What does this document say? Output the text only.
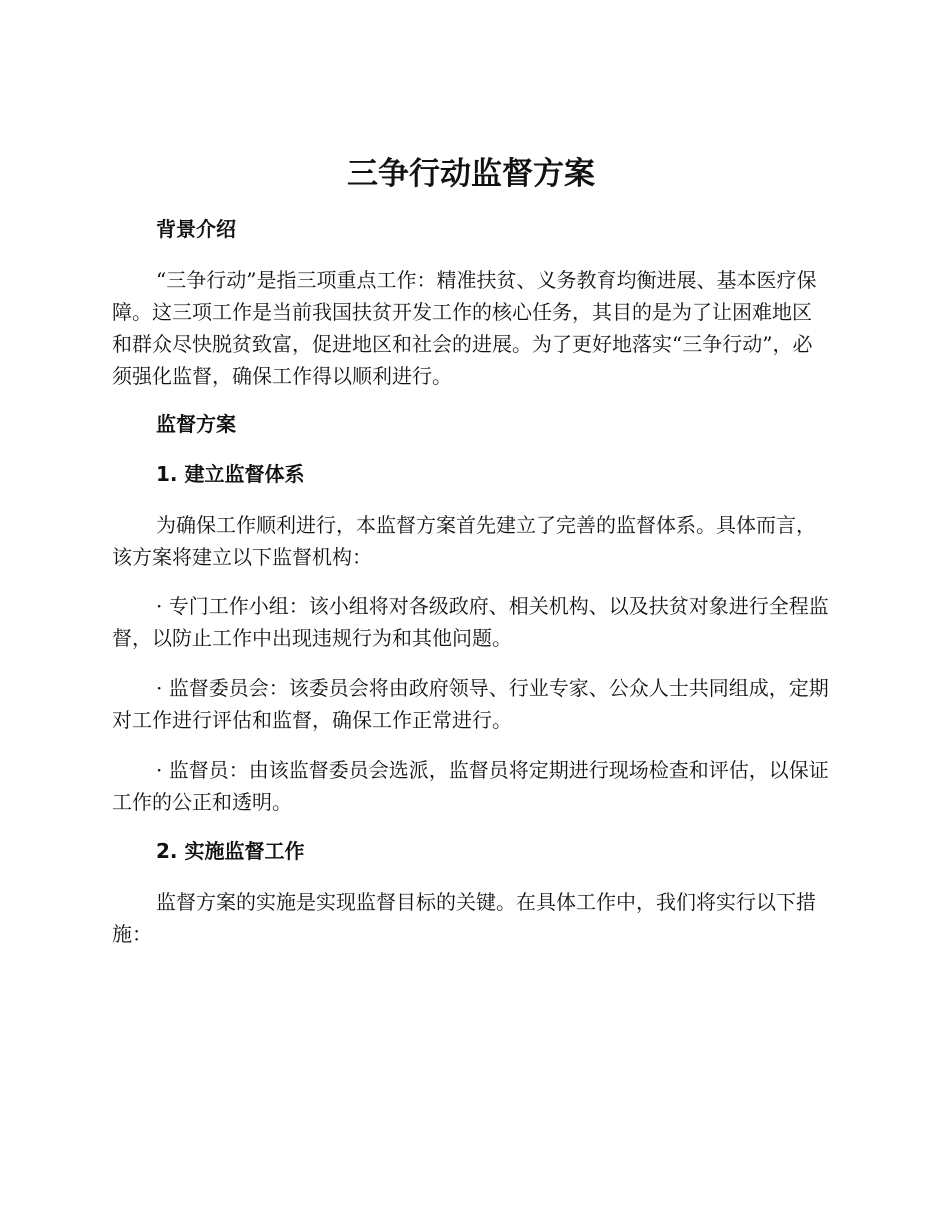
三争行动监督方案
背景介绍

“三争行动”是指三项重点工作：精准扶贫、义务教育均衡进展、基本医疗保障。这三项工作是当前我国扶贫开发工作的核心任务，其目的是为了让困难地区和群众尽快脱贫致富，促进地区和社会的进展。为了更好地落实“三争行动”，必须强化监督，确保工作得以顺利进行。

监督方案
1. 建立监督体系

为确保工作顺利进行，本监督方案首先建立了完善的监督体系。具体而言，该方案将建立以下监督机构：

· 专门工作小组：该小组将对各级政府、相关机构、以及扶贫对象进行全程监督，以防止工作中出现违规行为和其他问题。

· 监督委员会：该委员会将由政府领导、行业专家、公众人士共同组成，定期对工作进行评估和监督，确保工作正常进行。

· 监督员：由该监督委员会选派，监督员将定期进行现场检查和评估，以保证工作的公正和透明。

2. 实施监督工作

监督方案的实施是实现监督目标的关键。在具体工作中，我们将实行以下措施：
